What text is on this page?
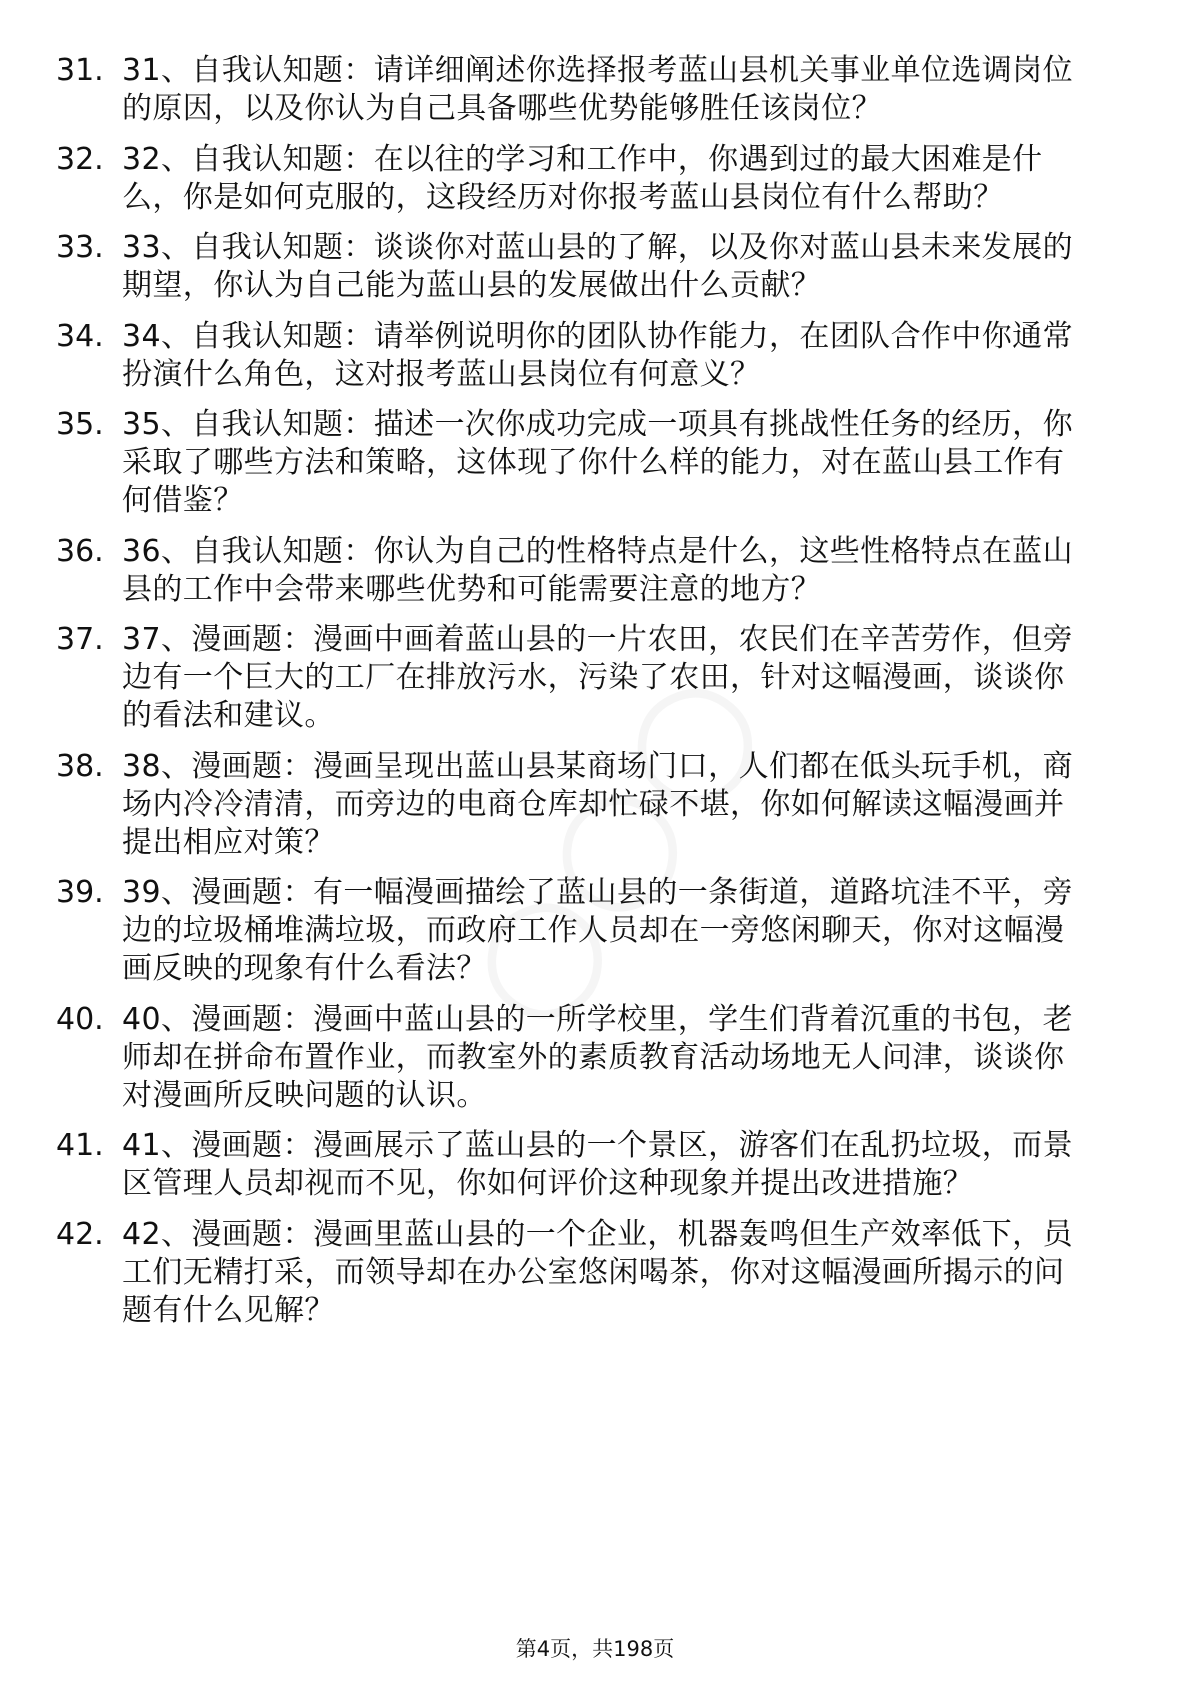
31. 31、自我认知题：请详细阐述你选择报考蓝山县机关事业单位选调岗位的原因，以及你认为自己具备哪些优势能够胜任该岗位？
32. 32、自我认知题：在以往的学习和工作中，你遇到过的最大困难是什么，你是如何克服的，这段经历对你报考蓝山县岗位有什么帮助？
33. 33、自我认知题：谈谈你对蓝山县的了解，以及你对蓝山县未来发展的期望，你认为自己能为蓝山县的发展做出什么贡献？
34. 34、自我认知题：请举例说明你的团队协作能力，在团队合作中你通常扮演什么角色，这对报考蓝山县岗位有何意义？
35. 35、自我认知题：描述一次你成功完成一项具有挑战性任务的经历，你采取了哪些方法和策略，这体现了你什么样的能力，对在蓝山县工作有何借鉴？
36. 36、自我认知题：你认为自己的性格特点是什么，这些性格特点在蓝山县的工作中会带来哪些优势和可能需要注意的地方？
37. 37、漫画题：漫画中画着蓝山县的一片农田，农民们在辛苦劳作，但旁边有一个巨大的工厂在排放污水，污染了农田，针对这幅漫画，谈谈你的看法和建议。
38. 38、漫画题：漫画呈现出蓝山县某商场门口，人们都在低头玩手机，商场内冷冷清清，而旁边的电商仓库却忙碌不堪，你如何解读这幅漫画并提出相应对策？
39. 39、漫画题：有一幅漫画描绘了蓝山县的一条街道，道路坑洼不平，旁边的垃圾桶堆满垃圾，而政府工作人员却在一旁悠闲聊天，你对这幅漫画反映的现象有什么看法？
40. 40、漫画题：漫画中蓝山县的一所学校里，学生们背着沉重的书包，老师却在拼命布置作业，而教室外的素质教育活动场地无人问津，谈谈你对漫画所反映问题的认识。
41. 41、漫画题：漫画展示了蓝山县的一个景区，游客们在乱扔垃圾，而景区管理人员却视而不见，你如何评价这种现象并提出改进措施？
42. 42、漫画题：漫画里蓝山县的一个企业，机器轰鸣但生产效率低下，员工们无精打采，而领导却在办公室悠闲喝茶，你对这幅漫画所揭示的问题有什么见解？
第4页，共198页
